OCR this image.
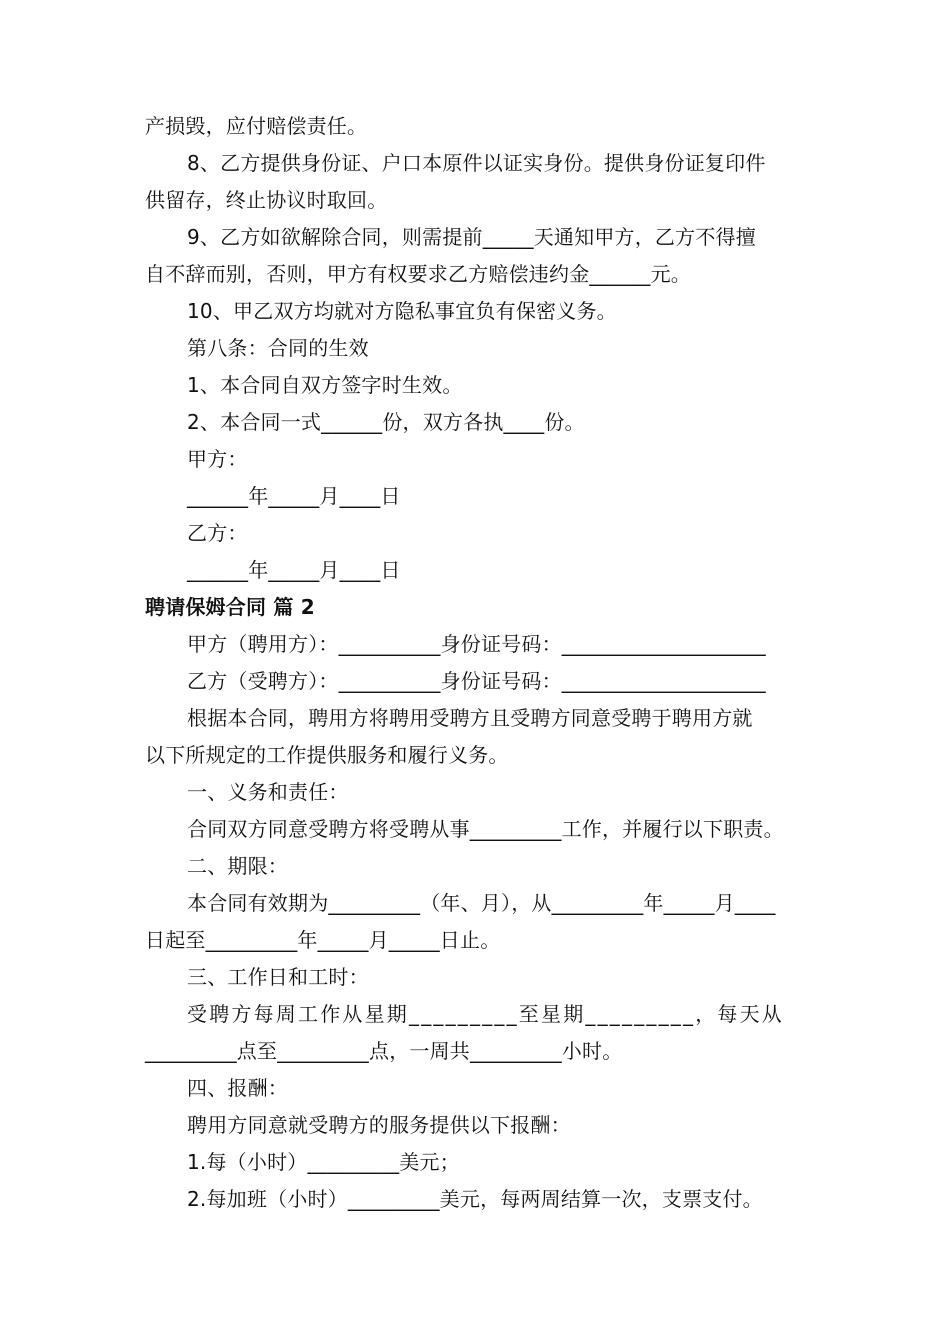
产损毁，应付赔偿责任。
8、乙方提供身份证、户口本原件以证实身份。提供身份证复印件
供留存，终止协议时取回。
9、乙方如欲解除合同，则需提前_____天通知甲方，乙方不得擅
自不辞而别，否则，甲方有权要求乙方赔偿违约金______元。
10、甲乙双方均就对方隐私事宜负有保密义务。
第八条：合同的生效
1、本合同自双方签字时生效。
2、本合同一式______份，双方各执____份。
甲方：
______年_____月____日
乙方：
______年_____月____日
聘请保姆合同 篇 2
甲方（聘用方）：__________身份证号码：____________________
乙方（受聘方）：__________身份证号码：____________________
根据本合同，聘用方将聘用受聘方且受聘方同意受聘于聘用方就
以下所规定的工作提供服务和履行义务。
一、义务和责任：
合同双方同意受聘方将受聘从事_________工作，并履行以下职责。
二、期限：
本合同有效期为_________（年、月），从_________年_____月____
日起至_________年_____月_____日止。
三、工作日和工时：
受聘方每周工作从星期_________至星期_________，每天从
_________点至_________点，一周共_________小时。
四、报酬：
聘用方同意就受聘方的服务提供以下报酬：
1.每（小时）_________美元；
2.每加班（小时）_________美元，每两周结算一次，支票支付。
